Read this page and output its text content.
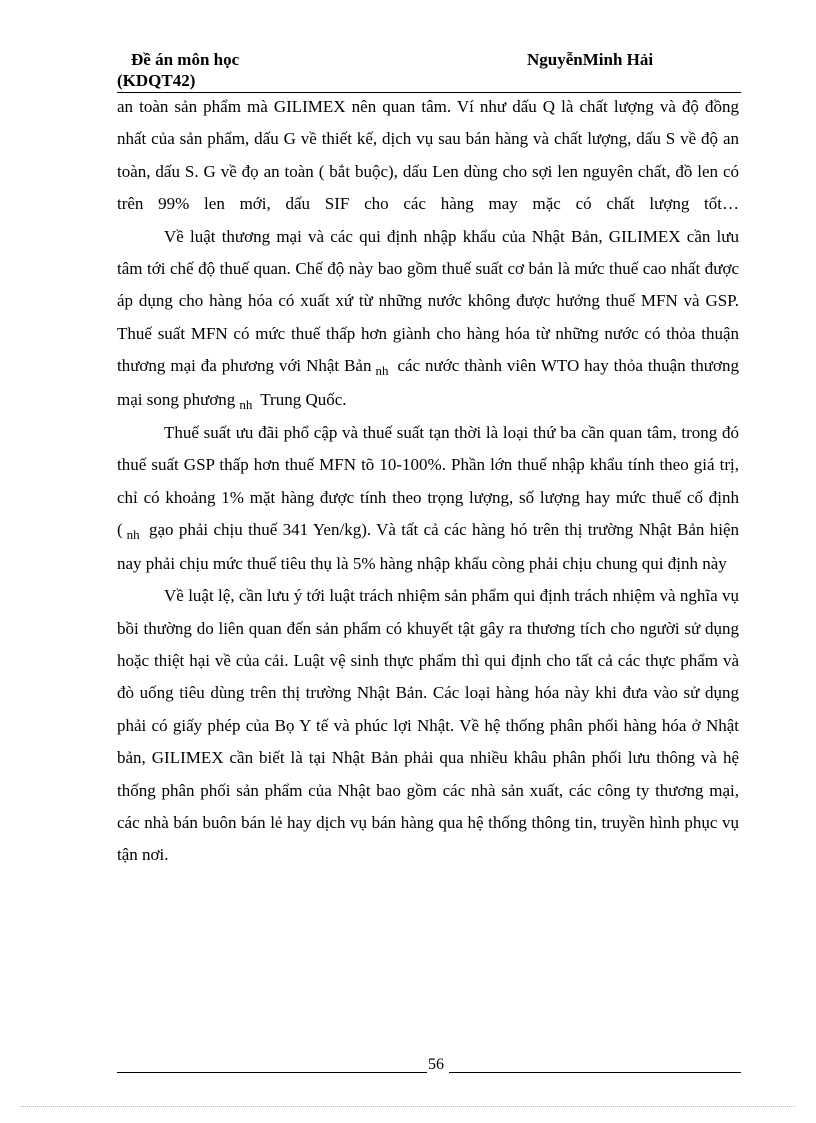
Đề án môn học
(KDQT42)
NguyễnMinh Hải

an toàn sản phẩm mà GILIMEX nên quan tâm. Ví như dấu Q là chất lượng và độ đồng nhất của sản phẩm, dấu G về thiết kế, dịch vụ sau bán hàng và chất lượng, dấu S về độ an toàn, dấu S. G về đọ an toàn ( bắt buộc), dấu Len dùng cho sợi len nguyên chất, đồ len có trên 99% len mới, dấu SIF cho các hàng may mặc có chất lượng tốt…

Về luật thương mại và các qui định nhập khẩu của Nhật Bản, GILIMEX cần lưu tâm tới chế độ thuế quan. Chế độ này bao gồm thuế suất cơ bản là mức thuế cao nhất được áp dụng cho hàng hóa có xuất xứ từ những nước không được hưởng thuế MFN và GSP. Thuế suất MFN có mức thuế thấp hơn giành cho hàng hóa từ những nước có thỏa thuận thương mại đa phương với Nhật Bản $_{nh}$ các nước thành viên WTO hay thỏa thuận thương mại song phương $_{nh}$ Trung Quốc.

Thuế suất ưu đãi phổ cập và thuế suất tạn thời là loại thứ ba cần quan tâm, trong đó thuế suất GSP thấp hơn thuế MFN tõ 10-100%. Phần lớn thuế nhập khẩu tính theo giá trị, chỉ có khoảng 1% mặt hàng được tính theo trọng lượng, số lượng hay mức thuế cố định ( $_{nh}$ gạo phải chịu thuế 341 Yen/kg). Và tất cả các hàng hó trên thị trường Nhật Bản hiện nay phải chịu mức thuế tiêu thụ là 5% hàng nhập khẩu còng phải chịu chung qui định này

Về luật lệ, cần lưu ý tới luật trách nhiệm sản phẩm qui định trách nhiệm và nghĩa vụ bồi thường do liên quan đến sản phẩm có khuyết tật gây ra thương tích cho người sử dụng hoặc thiệt hại về của cải. Luật vệ sinh thực phẩm thì qui định cho tất cả các thực phẩm và đò uống tiêu dùng trên thị trường Nhật Bản. Các loại hàng hóa này khi đưa vào sử dụng phải có giấy phép của Bọ Y tế và phúc lợi Nhật. Về hệ thống phân phối hàng hóa ở Nhật bản, GILIMEX cần biết là tại Nhật Bản phải qua nhiều khâu phân phối lưu thông và hệ thống phân phối sản phẩm của Nhật bao gồm các nhà sản xuất, các công ty thương mại, các nhà bán buôn bán lẻ hay dịch vụ bán hàng qua hệ thống thông tin, truyền hình phục vụ tận nơi.

56
